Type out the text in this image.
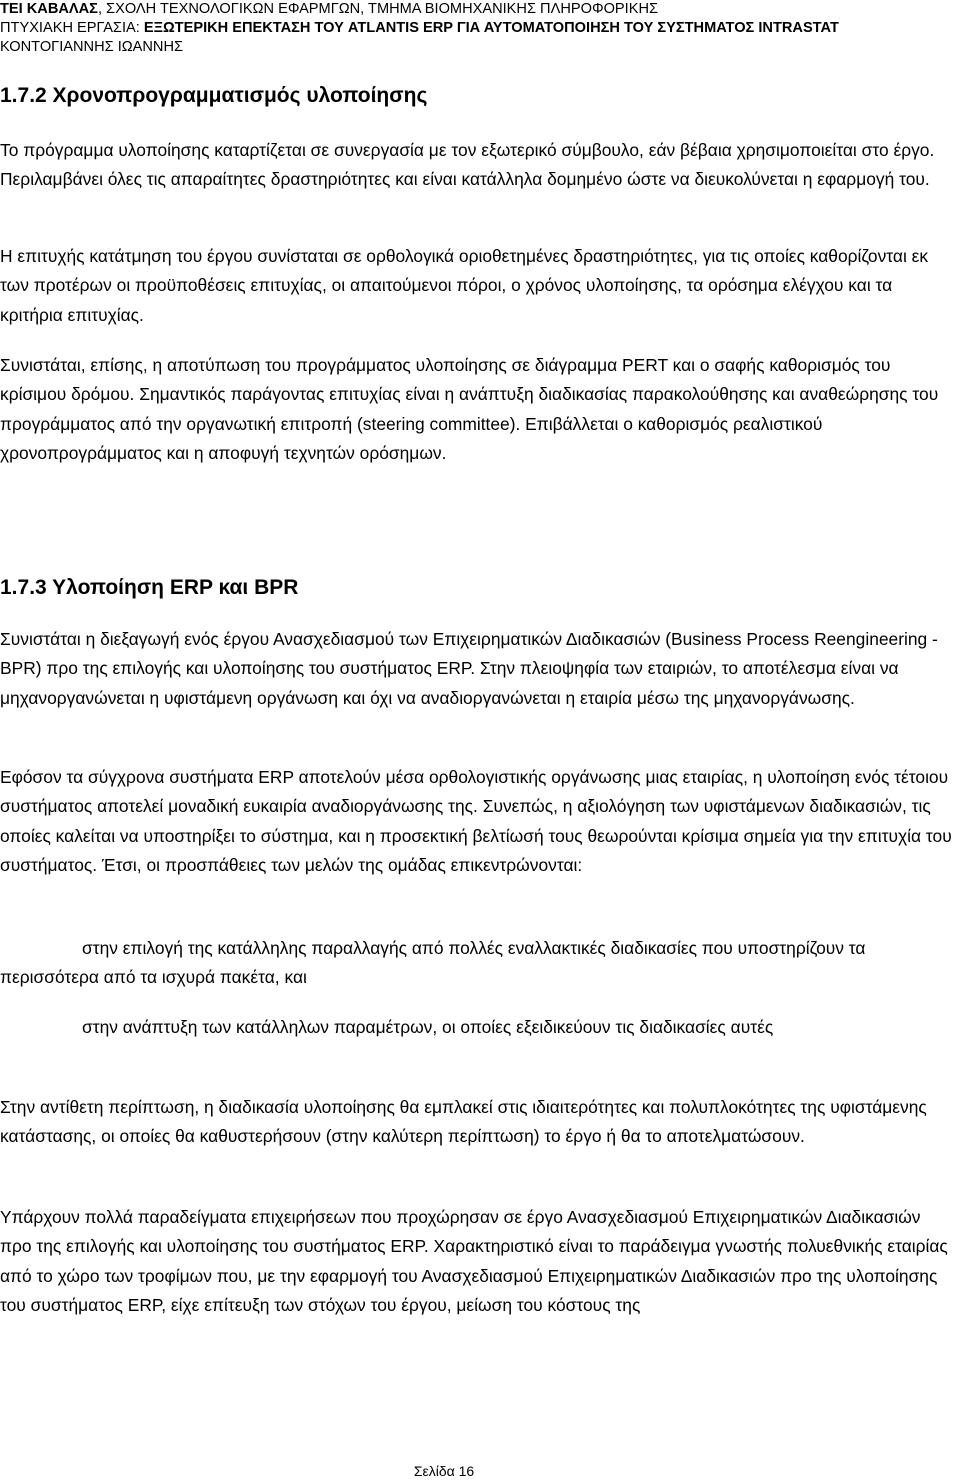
ΤΕΙ ΚΑΒΑΛΑΣ, ΣΧΟΛΗ ΤΕΧΝΟΛΟΓΙΚΩΝ ΕΦΑΡΜΓΩΝ, ΤΜΗΜΑ ΒΙΟΜΗΧΑΝΙΚΗΣ ΠΛΗΡΟΦΟΡΙΚΗΣ

ΠΤΥΧΙΑΚΗ ΕΡΓΑΣΙΑ: ΕΞΩΤΕΡΙΚΗ ΕΠΕΚΤΑΣΗ ΤΟΥ ATLANTIS ERP ΓΙΑ ΑΥΤΟΜΑΤΟΠΟΙΗΣΗ ΤΟΥ ΣΥΣΤΗΜΑΤΟΣ INTRASTAT

ΚΟΝΤΟΓΙΑΝΝΗΣ ΙΩΑΝΝΗΣ

1.7.2 Χρονοπρογραμματισμός υλοποίησης

Το πρόγραμμα υλοποίησης καταρτίζεται σε συνεργασία με τον εξωτερικό σύμβουλο, εάν βέβαια χρησιμοποιείται στο έργο. Περιλαμβάνει όλες τις απαραίτητες δραστηριότητες και είναι κατάλληλα δομημένο ώστε να διευκολύνεται η εφαρμογή του.

Η επιτυχής κατάτμηση του έργου συνίσταται σε ορθολογικά οριοθετημένες δραστηριότητες, για τις οποίες καθορίζονται εκ των προτέρων οι προϋποθέσεις επιτυχίας, οι απαιτούμενοι πόροι, ο χρόνος υλοποίησης, τα ορόσημα ελέγχου και τα κριτήρια επιτυχίας.

Συνιστάται, επίσης, η αποτύπωση του προγράμματος υλοποίησης σε διάγραμμα PERT και ο σαφής καθορισμός του κρίσιμου δρόμου. Σημαντικός παράγοντας επιτυχίας είναι η ανάπτυξη διαδικασίας παρακολούθησης και αναθεώρησης του προγράμματος από την οργανωτική επιτροπή (steering committee). Επιβάλλεται ο καθορισμός ρεαλιστικού χρονοπρογράμματος και η αποφυγή τεχνητών ορόσημων.

1.7.3 Υλοποίηση ERP και BPR

Συνιστάται η διεξαγωγή ενός έργου Ανασχεδιασμού των Επιχειρηματικών Διαδικασιών (Business Process Reengineering - BPR) προ της επιλογής και υλοποίησης του συστήματος ERP. Στην πλειοψηφία των εταιριών, το αποτέλεσμα είναι να μηχανοργανώνεται η υφιστάμενη οργάνωση και όχι να αναδιοργανώνεται η εταιρία μέσω της μηχανοργάνωσης.

Εφόσον τα σύγχρονα συστήματα ERP αποτελούν μέσα ορθολογιστικής οργάνωσης μιας εταιρίας, η υλοποίηση ενός τέτοιου συστήματος αποτελεί μοναδική ευκαιρία αναδιοργάνωσης της. Συνεπώς, η αξιολόγηση των υφιστάμενων διαδικασιών, τις οποίες καλείται να υποστηρίξει το σύστημα, και η προσεκτική βελτίωσή τους θεωρούνται κρίσιμα σημεία για την επιτυχία του συστήματος. Έτσι, οι προσπάθειες των μελών της ομάδας επικεντρώνονται:

στην επιλογή της κατάλληλης παραλλαγής από πολλές εναλλακτικές διαδικασίες που υποστηρίζουν τα περισσότερα από τα ισχυρά πακέτα, και

στην ανάπτυξη των κατάλληλων παραμέτρων, οι οποίες εξειδικεύουν τις διαδικασίες αυτές

Στην αντίθετη περίπτωση, η διαδικασία υλοποίησης θα εμπλακεί στις ιδιαιτερότητες και πολυπλοκότητες της υφιστάμενης κατάστασης, οι οποίες θα καθυστερήσουν (στην καλύτερη περίπτωση) το έργο ή θα το αποτελματώσουν.

Υπάρχουν πολλά παραδείγματα επιχειρήσεων που προχώρησαν σε έργο Ανασχεδιασμού Επιχειρηματικών Διαδικασιών προ της επιλογής και υλοποίησης του συστήματος ERP. Χαρακτηριστικό είναι το παράδειγμα γνωστής πολυεθνικής εταιρίας από το χώρο των τροφίμων που, με την εφαρμογή του Ανασχεδιασμού Επιχειρηματικών Διαδικασιών προ της υλοποίησης του συστήματος ERP, είχε επίτευξη των στόχων του έργου, μείωση του κόστους της

Σελίδα 16
